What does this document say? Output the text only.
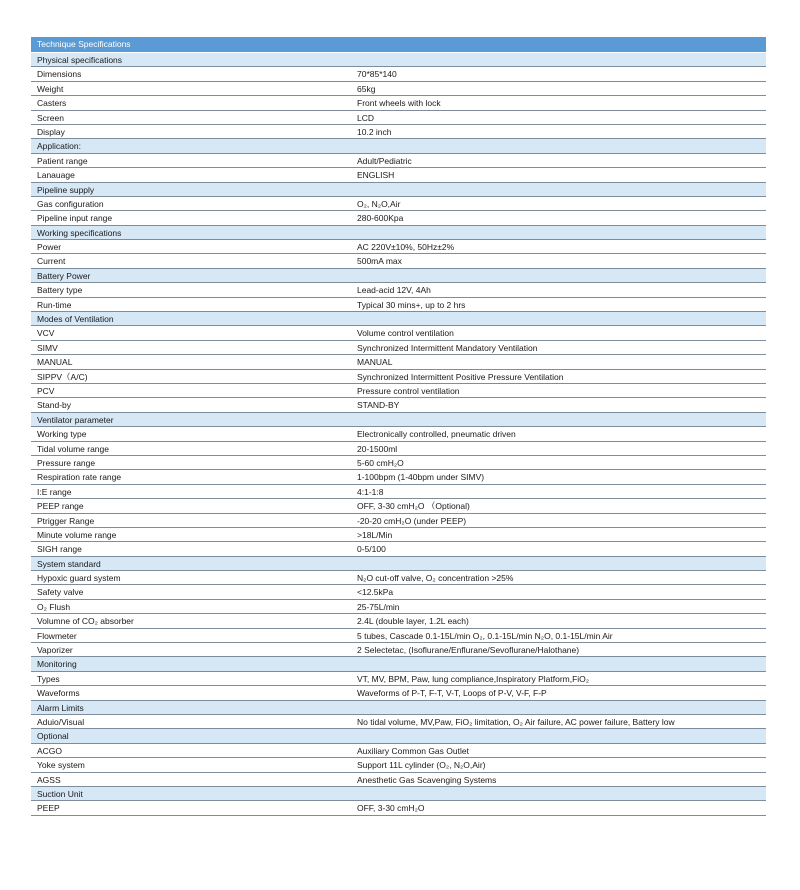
Technique Specifications
Physical specifications
Dimensions	70*85*140
Weight	65kg
Casters	Front wheels with lock
Screen	LCD
Display	10.2 inch
Application:
Patient range	Adult/Pediatric
Lanauage	ENGLISH
Pipeline supply
Gas configuration	O₂, N₂O,Air
Pipeline input range	280-600Kpa
Working specifications
Power	AC 220V±10%, 50Hz±2%
Current	500mA max
Battery Power
Battery type	Lead-acid 12V, 4Ah
Run-time	Typical 30 mins+, up to 2 hrs
Modes of Ventilation
VCV	Volume control ventilation
SIMV	Synchronized Intermittent Mandatory Ventilation
MANUAL	MANUAL
SIPPV（A/C)	Synchronized Intermittent Positive Pressure Ventilation
PCV	Pressure control ventilation
Stand-by	STAND-BY
Ventilator parameter
Working type	Electronically controlled, pneumatic driven
Tidal volume range	20-1500ml
Pressure range	5-60 cmH₂O
Respiration rate range	1-100bpm (1-40bpm under SIMV)
I:E range	4:1-1:8
PEEP range	OFF, 3-30 cmH₂O （Optional)
Ptrigger Range	-20-20 cmH₂O (under PEEP)
Minute volume range	>18L/Min
SIGH range	0-5/100
System standard
Hypoxic guard system	N₂O cut-off valve, O₂ concentration >25%
Safety valve	<12.5kPa
O₂ Flush	25-75L/min
Volumne of CO₂ absorber	2.4L (double layer, 1.2L each)
Flowmeter	5 tubes, Cascade 0.1-15L/min O₂, 0.1-15L/min N₂O, 0.1-15L/min Air
Vaporizer	2 Selectetac, (Isoflurane/Enflurane/Sevoflurane/Halothane)
Monitoring
Types	VT, MV, BPM, Paw, lung compliance,Inspiratory Platform,FiO₂
Waveforms	Waveforms of P-T, F-T, V-T, Loops of P-V, V-F, F-P
Alarm Limits
Aduio/Visual	No tidal volume, MV,Paw, FiO₂ limitation, O₂ Air failure, AC power failure, Battery low
Optional
ACGO	Auxiliary Common Gas Outlet
Yoke system	Support 11L cylinder (O₂, N₂O,Air)
AGSS	Anesthetic Gas Scavenging Systems
Suction Unit
PEEP	OFF, 3-30 cmH₂O
